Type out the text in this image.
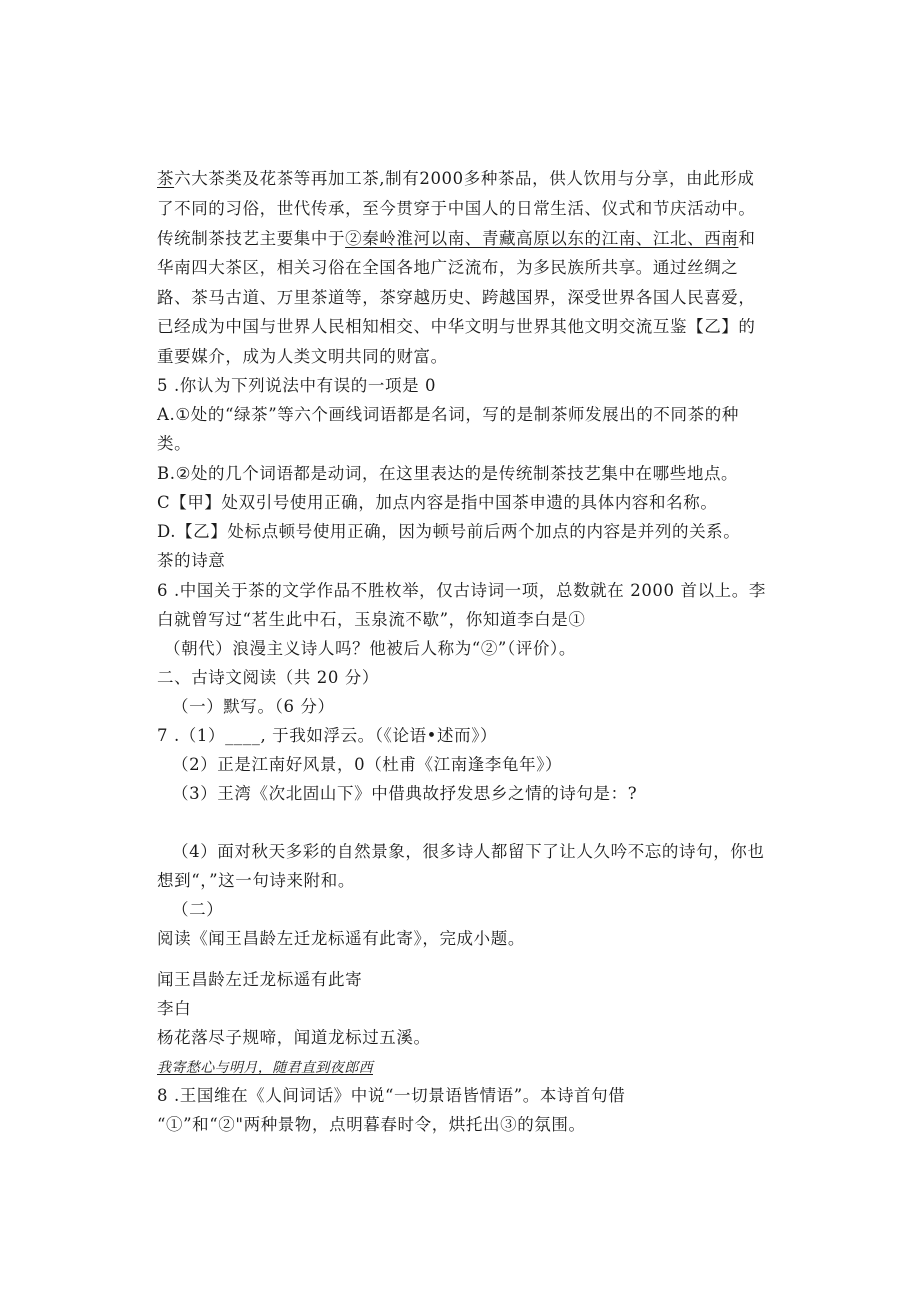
茶六大茶类及花茶等再加工茶,制有2000多种茶品，供人饮用与分享，由此形成
了不同的习俗，世代传承，至今贯穿于中国人的日常生活、仪式和节庆活动中。
传统制茶技艺主要集中于②秦岭淮河以南、青藏高原以东的江南、江北、西南和
华南四大茶区，相关习俗在全国各地广泛流布，为多民族所共享。通过丝绸之
路、茶马古道、万里茶道等，茶穿越历史、跨越国界，深受世界各国人民喜爱，
已经成为中国与世界人民相知相交、中华文明与世界其他文明交流互鉴【乙】的
重要媒介，成为人类文明共同的财富。
5 .你认为下列说法中有误的一项是 0
A.①处的“绿茶”等六个画线词语都是名词，写的是制茶师发展出的不同茶的种
类。
B.②处的几个词语都是动词，在这里表达的是传统制茶技艺集中在哪些地点。
C【甲】处双引号使用正确，加点内容是指中国茶申遗的具体内容和名称。
D.【乙】处标点顿号使用正确，因为顿号前后两个加点的内容是并列的关系。
茶的诗意
6 .中国关于茶的文学作品不胜枚举，仅古诗词一项，总数就在 2000 首以上。李
白就曾写过“茗生此中石，玉泉流不歇”，你知道李白是①
（朝代）浪漫主义诗人吗？他被后人称为“②”（评价）。
二、古诗文阅读（共 20 分）
（一）默写。（6 分）
7 .（1）____, 于我如浮云。（《论语•述而》）
（2）正是江南好风景，0（杜甫《江南逢李龟年》）
（3）王湾《次北固山下》中借典故抒发思乡之情的诗句是：?
（4）面对秋天多彩的自然景象，很多诗人都留下了让人久吟不忘的诗句，你也
想到“，”这一句诗来附和。
（二）
阅读《闻王昌龄左迁龙标遥有此寄》，完成小题。
闻王昌龄左迁龙标遥有此寄
李白
杨花落尽子规啼，闻道龙标过五溪。
我寄愁心与明月，随君直到夜郎西
8 .王国维在《人间词话》中说“一切景语皆情语”。本诗首句借
“①”和“②"两种景物，点明暮春时令，烘托出③的氛围。
